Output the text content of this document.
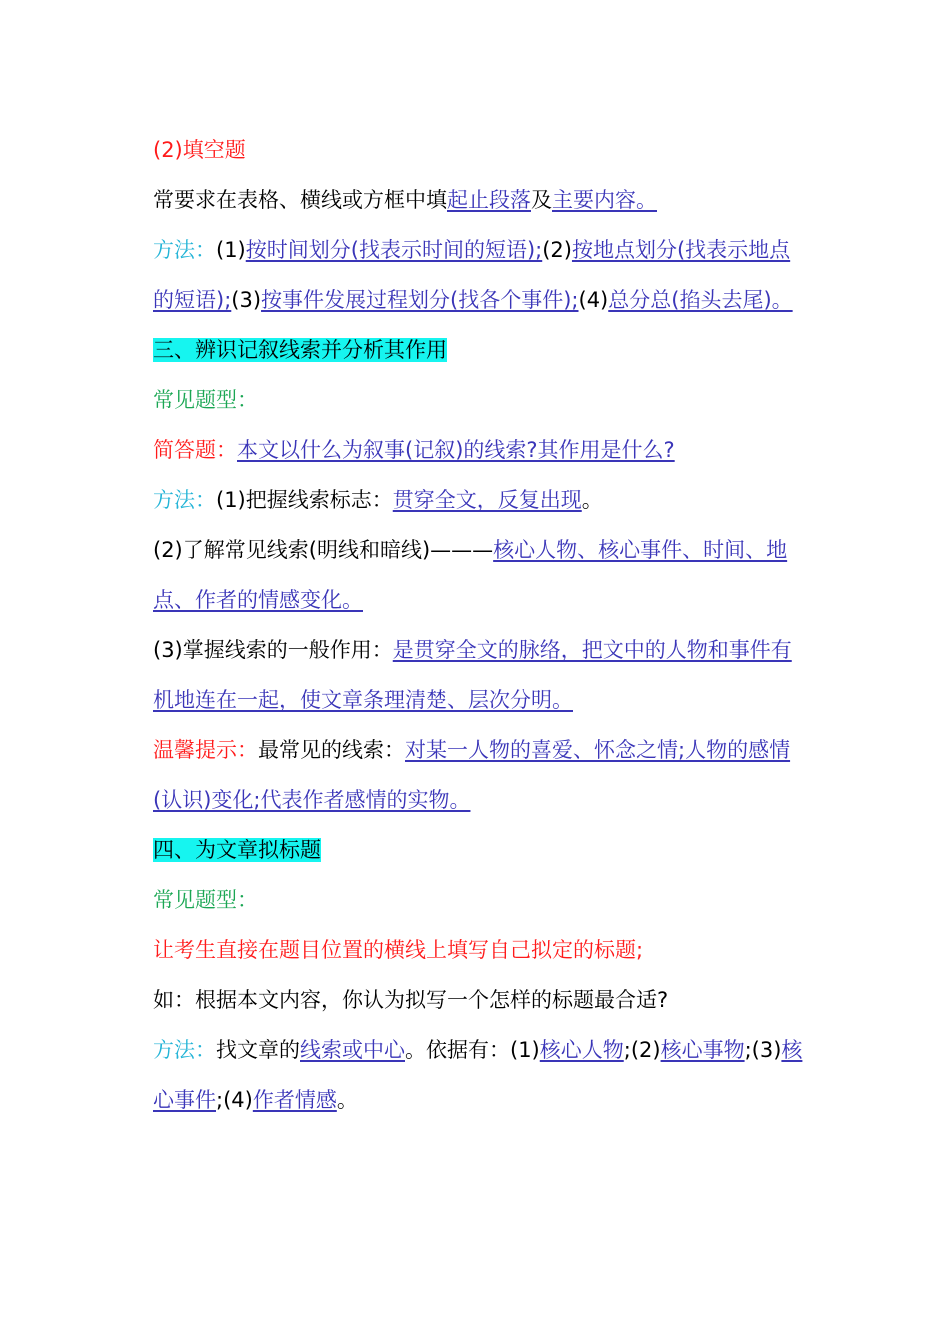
(2)填空题

常要求在表格、横线或方框中填起止段落及主要内容。

方法：(1)按时间划分(找表示时间的短语);(2)按地点划分(找表示地点的短语);(3)按事件发展过程划分(找各个事件);(4)总分总(掐头去尾)。

三、辨识记叙线索并分析其作用

常见题型：

简答题：本文以什么为叙事(记叙)的线索?其作用是什么?

方法：(1)把握线索标志：贯穿全文，反复出现。

(2)了解常见线索(明线和暗线)———核心人物、核心事件、时间、地点、作者的情感变化。

(3)掌握线索的一般作用：是贯穿全文的脉络，把文中的人物和事件有机地连在一起，使文章条理清楚、层次分明。

温馨提示：最常见的线索：对某一人物的喜爱、怀念之情;人物的感情(认识)变化;代表作者感情的实物。

四、为文章拟标题

常见题型：

让考生直接在题目位置的横线上填写自己拟定的标题;

如：根据本文内容，你认为拟写一个怎样的标题最合适?

方法：找文章的线索或中心。依据有：(1)核心人物;(2)核心事物;(3)核心事件;(4)作者情感。
